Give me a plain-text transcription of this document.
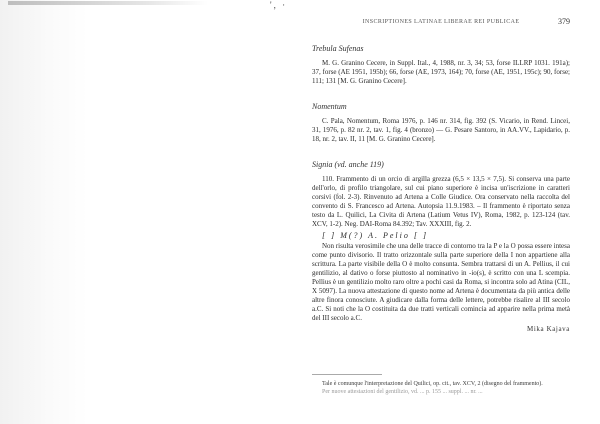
', ·
INSCRIPTIONES LATINAE LIBERAE REI PUBLICAE	379
Trebula Sufenas

M. G. Granino Cecere, in Suppl. Ital., 4, 1988, nr. 3, 34; 53, forse ILLRP 1031. 191a); 37, forse (AE 1951, 195b); 66, forse (AE, 1973, 164); 70, forse (AE, 1951, 195c); 90, forse; 111; 131 [M. G. Granino Cecere].

Nomentum

C. Pala, Nomentum, Roma 1976, p. 146 nr. 314, fig. 392 (S. Vicario, in Rend. Lincei, 31, 1976, p. 82 nr. 2, tav. 1, fig. 4 (bronzo) — G. Pesare Santoro, in AA.VV., Lapidario, p. 18, nr. 2, tav. II, 11 [M. G. Granino Cecere].

Signia (vd. anche 119)

110. Frammento di un orcio di argilla grezza (6,5 × 13,5 × 7,5). Si conserva una parte dell'orlo, di profilo triangolare, sul cui piano superiore è incisa un'iscrizione in caratteri corsivi (fol. 2-3). Rinvenuto ad Artena a Colle Giudice. Ora conservato nella raccolta del convento di S. Francesco ad Artena. Autopsia 11.9.1983. – Il frammento è riportato senza testo da L. Quilici, La Civita di Artena (Latium Vetus IV), Roma, 1982, p. 123-124 (tav. XCV, 1-2). Neg. DAI-Roma 84.392; Tav. XXXIII, fig. 2.

[ ] M(?) A. Pelio [ ]

Non risulta verosimile che una delle tracce di contorno tra la P e la O possa essere intesa come punto divisorio. Il tratto orizzontale sulla parte superiore della I non appartiene alla scrittura. La parte visibile della O è molto consunta. Sembra trattarsi di un A. Pellius, il cui gentilizio, al dativo o forse piuttosto al nominativo in -io(s), è scritto con una L scempia. Pellius è un gentilizio molto raro oltre a pochi casi da Roma, si incontra solo ad Atina (CIL, X 5097). La nuova attestazione di questo nome ad Artena è documentata da più antica delle altre finora conosciute. A giudicare dalla forma delle lettere, potrebbe risalire al III secolo a.C. Si noti che la O costituita da due tratti verticali comincia ad apparire nella prima metà del III secolo a.C.

Mika Kajava

Tale è comunque l'interpretazione del Quilici, op. cit., tav. XCV, 2 (disegno del frammento).

Per nuove attestazioni del gentilizio, vd. ... p. 155 ... suppl. ... nr. ...
